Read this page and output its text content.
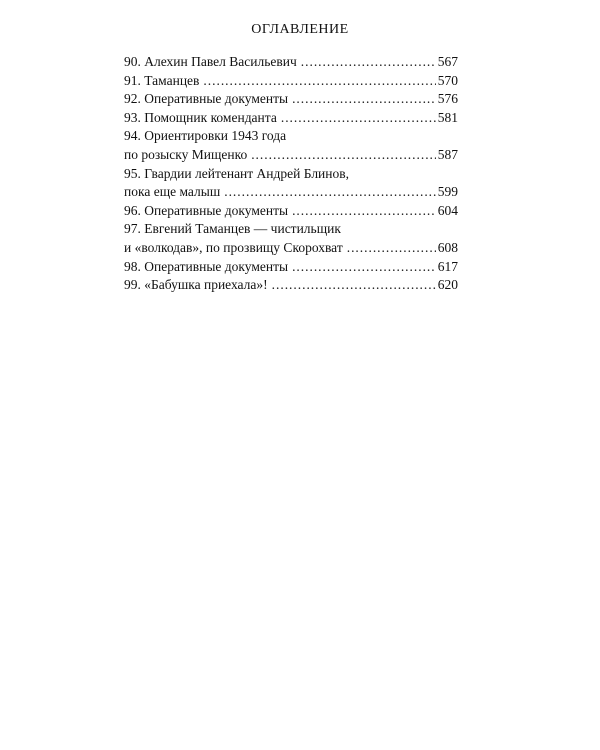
ОГЛАВЛЕНИЕ
90. Алехин Павел Васильевич . . .	567
91. Таманцев . . .	570
92. Оперативные документы . . .	576
93. Помощник коменданта . . .	581
94. Ориентировки 1943 года
по розыску Мищенко . . .	587
95. Гвардии лейтенант Андрей Блинов,
пока еще малыш . . .	599
96. Оперативные документы . . .	604
97. Евгений Таманцев — чистильщик
и «волкодав», по прозвищу Скорохват . . .	608
98. Оперативные документы . . .	617
99. «Бабушка приехала»! . . .	620
